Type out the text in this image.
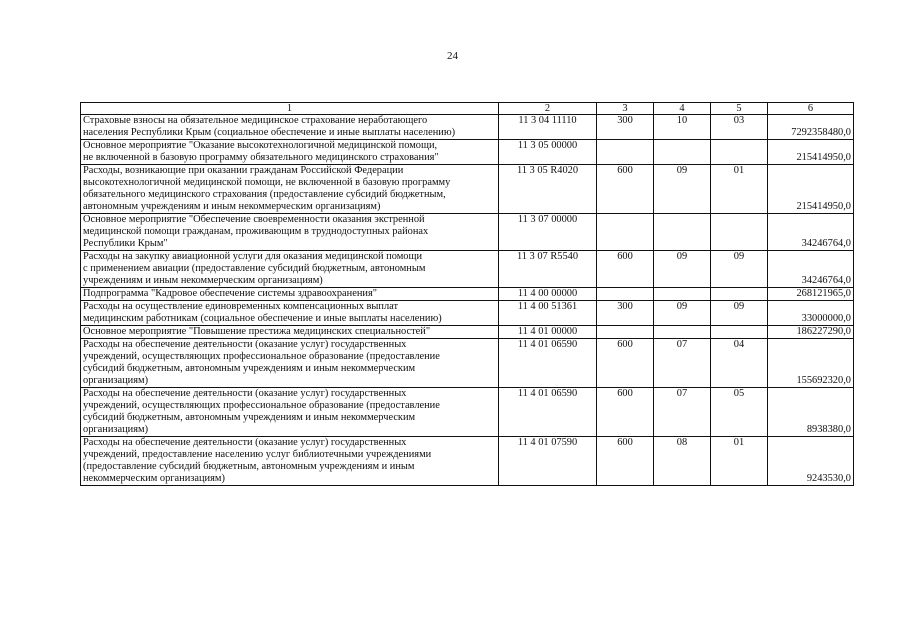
24
1	2	3	4	5	6

Страховые взносы на обязательное медицинское страхование неработающего
населения Республики Крым (социальное обеспечение и иные выплаты населению)	11 3 04 11110	300	10	03	7292358480,0

Основное мероприятие "Оказание высокотехнологичной медицинской помощи,
не включенной в базовую программу обязательного медицинского страхования"	11 3 05 00000				215414950,0

Расходы, возникающие при оказании гражданам Российской Федерации
высокотехнологичной медицинской помощи, не включенной в базовую программу
обязательного медицинского страхования (предоставление субсидий бюджетным,
автономным учреждениям и иным некоммерческим организациям)	11 3 05 R4020	600	09	01	215414950,0

Основное мероприятие "Обеспечение своевременности оказания экстренной
медицинской помощи гражданам, проживающим в труднодоступных районах
Республики Крым"	11 3 07 00000				34246764,0

Расходы на закупку авиационной услуги для оказания медицинской помощи
с применением авиации (предоставление субсидий бюджетным, автономным
учреждениям и иным некоммерческим организациям)	11 3 07 R5540	600	09	09	34246764,0

Подпрограмма "Кадровое обеспечение системы здравоохранения"	11 4 00 00000				268121965,0

Расходы на осуществление единовременных компенсационных выплат
медицинским работникам (социальное обеспечение и иные выплаты населению)	11 4 00 51361	300	09	09	33000000,0

Основное мероприятие "Повышение престижа медицинских специальностей"	11 4 01 00000				186227290,0

Расходы на обеспечение деятельности (оказание услуг) государственных
учреждений, осуществляющих профессиональное образование (предоставление
субсидий бюджетным, автономным учреждениям и иным некоммерческим
организациям)	11 4 01 06590	600	07	04	155692320,0

Расходы на обеспечение деятельности (оказание услуг) государственных
учреждений, осуществляющих профессиональное образование (предоставление
субсидий бюджетным, автономным учреждениям и иным некоммерческим
организациям)	11 4 01 06590	600	07	05	8938380,0

Расходы на обеспечение деятельности (оказание услуг) государственных
учреждений, предоставление населению услуг библиотечными учреждениями
(предоставление субсидий бюджетным, автономным учреждениям и иным
некоммерческим организациям)	11 4 01 07590	600	08	01	9243530,0
